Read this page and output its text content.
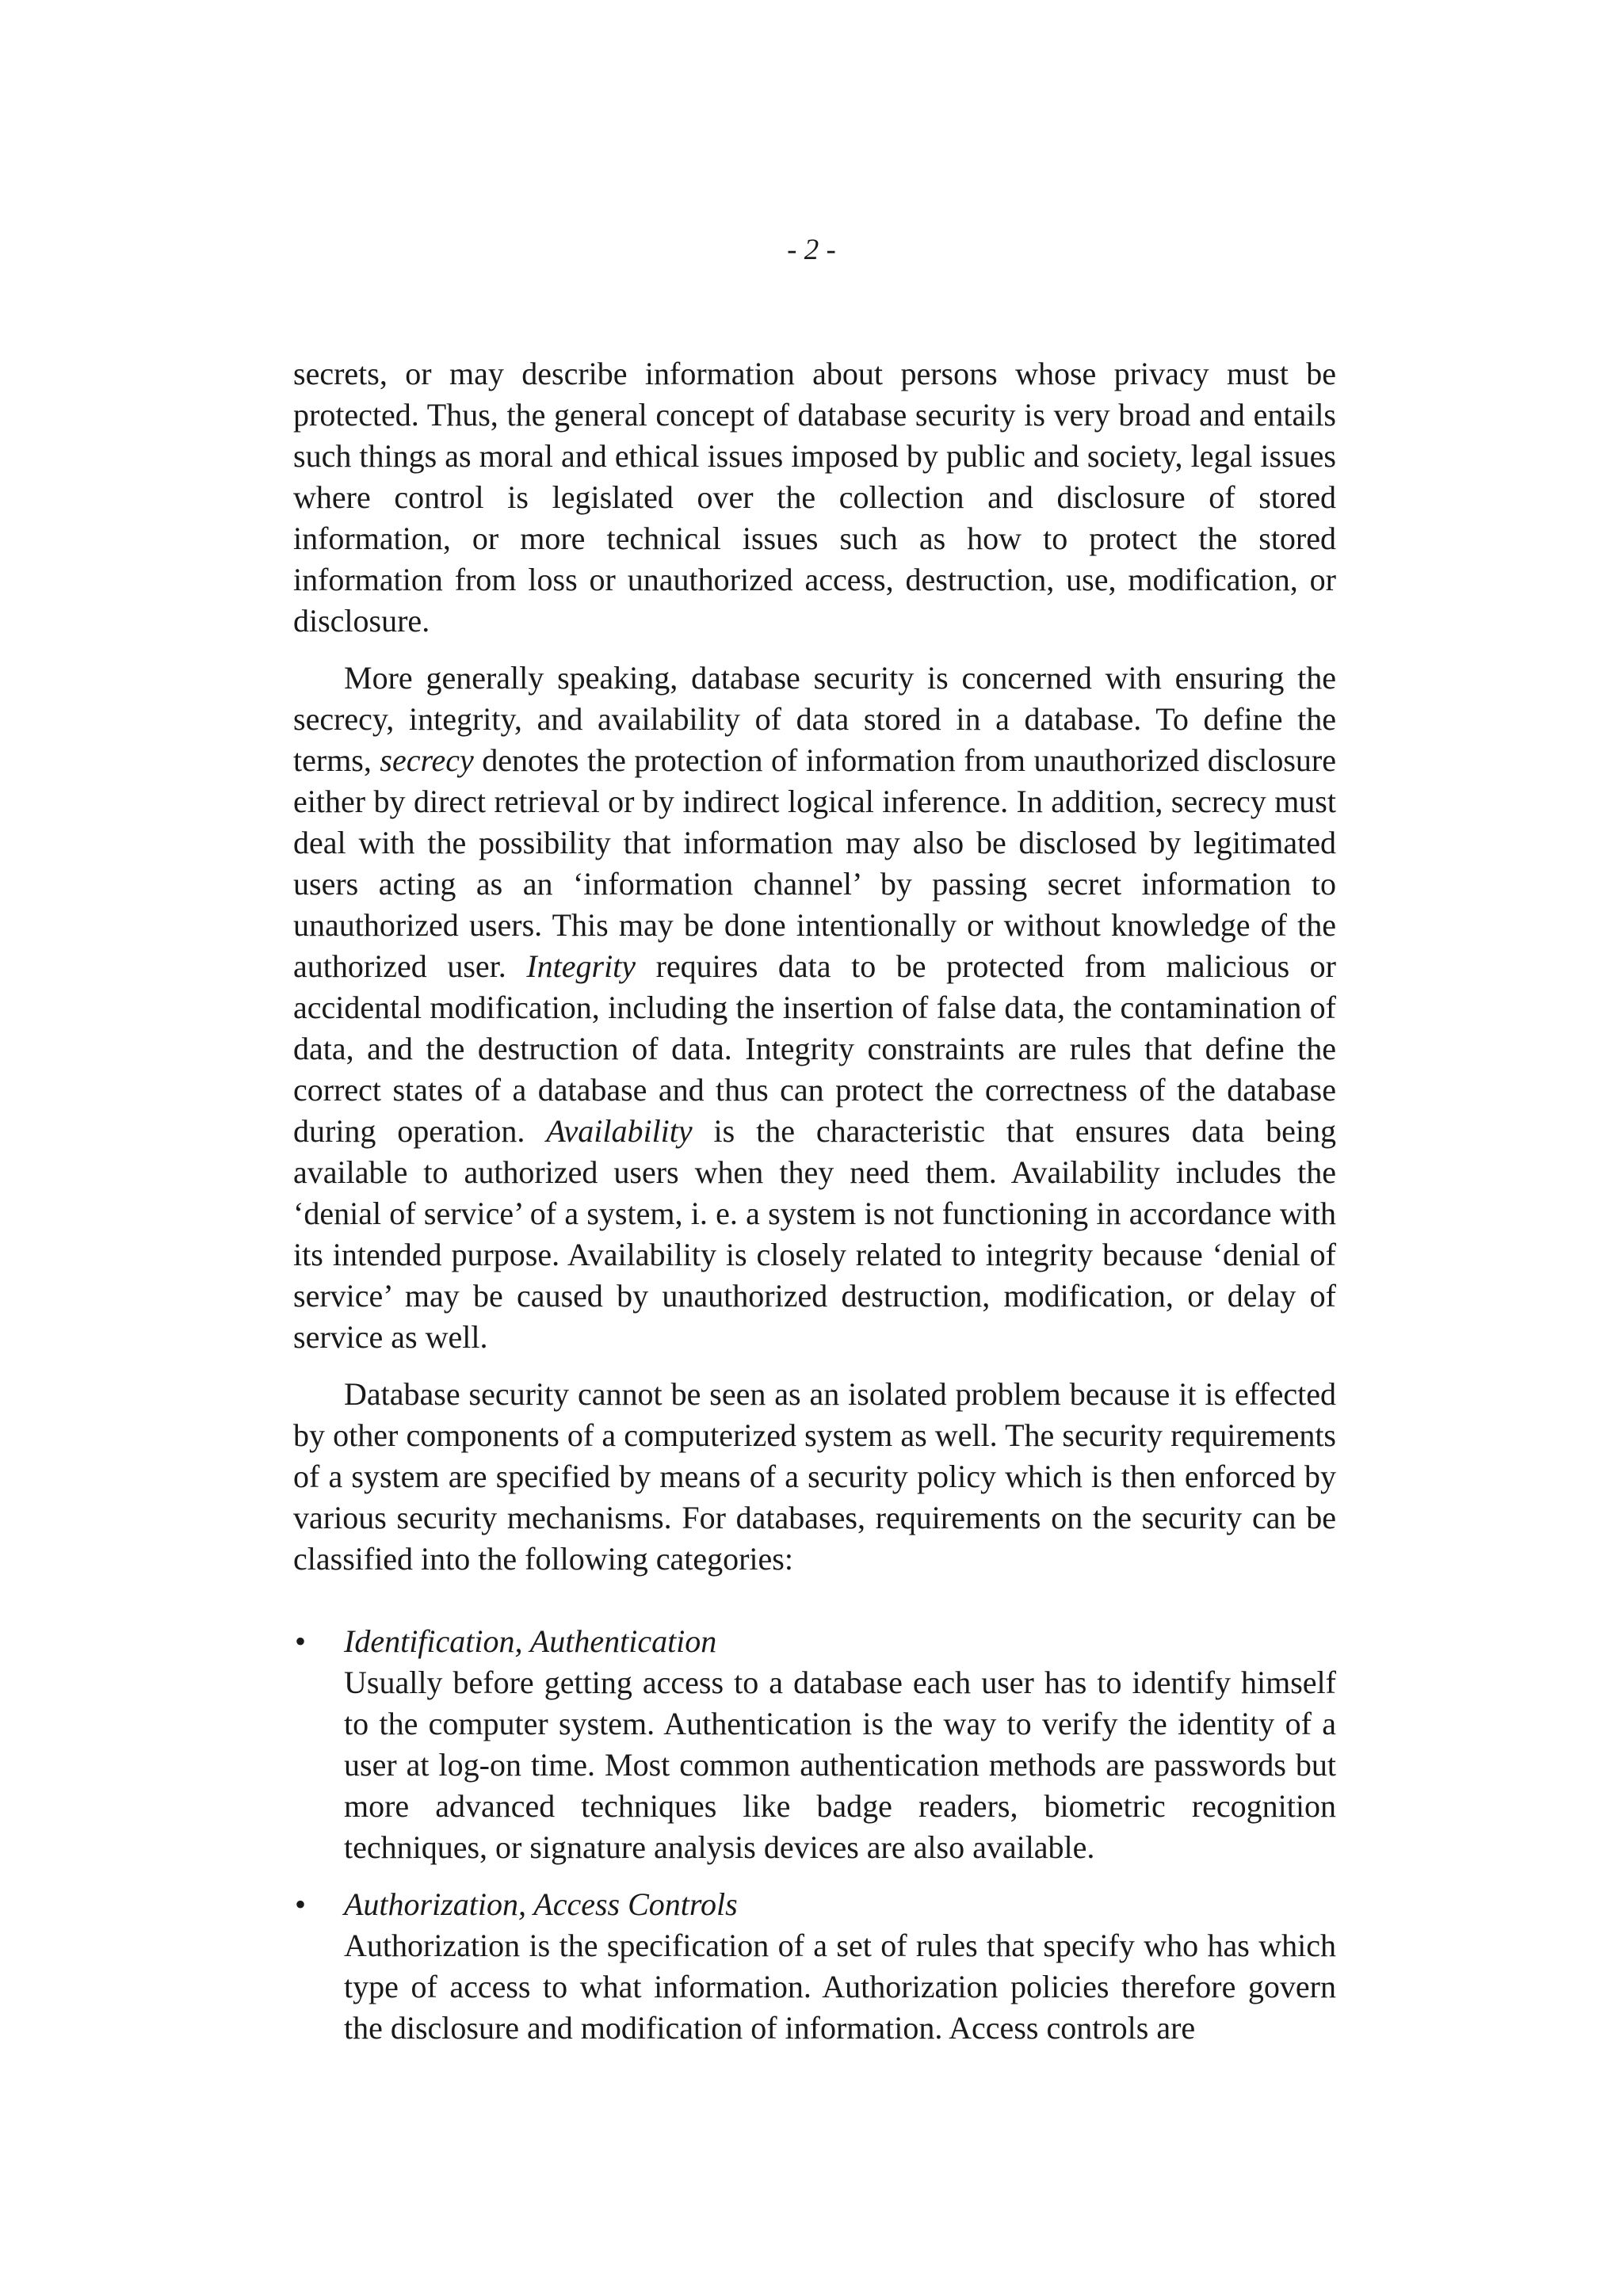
- 2 -

secrets, or may describe information about persons whose privacy must be protected. Thus, the general concept of database security is very broad and entails such things as moral and ethical issues imposed by public and society, legal issues where control is legislated over the collection and disclosure of stored information, or more technical issues such as how to protect the stored information from loss or unauthorized access, destruction, use, modification, or disclosure.

More generally speaking, database security is concerned with ensuring the secrecy, integrity, and availability of data stored in a database. To define the terms, secrecy denotes the protection of information from unauthorized disclosure either by direct retrieval or by indirect logical inference. In addition, secrecy must deal with the possibility that information may also be disclosed by legitimated users acting as an ‘information channel’ by passing secret information to unauthorized users. This may be done intentionally or without knowledge of the authorized user. Integrity requires data to be protected from malicious or accidental modification, including the insertion of false data, the contamination of data, and the destruction of data. Integrity constraints are rules that define the correct states of a database and thus can protect the correctness of the database during operation. Availability is the characteristic that ensures data being available to authorized users when they need them. Availability includes the ‘denial of service’ of a system, i. e. a system is not functioning in accordance with its intended purpose. Availability is closely related to integrity because ‘denial of service’ may be caused by unauthorized destruction, modification, or delay of service as well.

Database security cannot be seen as an isolated problem because it is effected by other components of a computerized system as well. The security requirements of a system are specified by means of a security policy which is then enforced by various security mechanisms. For databases, requirements on the security can be classified into the following categories:

•	Identification, Authentication
Usually before getting access to a database each user has to identify himself to the computer system. Authentication is the way to verify the identity of a user at log-on time. Most common authentication methods are passwords but more advanced techniques like badge readers, biometric recognition techniques, or signature analysis devices are also available.
•	Authorization, Access Controls
Authorization is the specification of a set of rules that specify who has which type of access to what information. Authorization policies therefore govern the disclosure and modification of information. Access controls are
